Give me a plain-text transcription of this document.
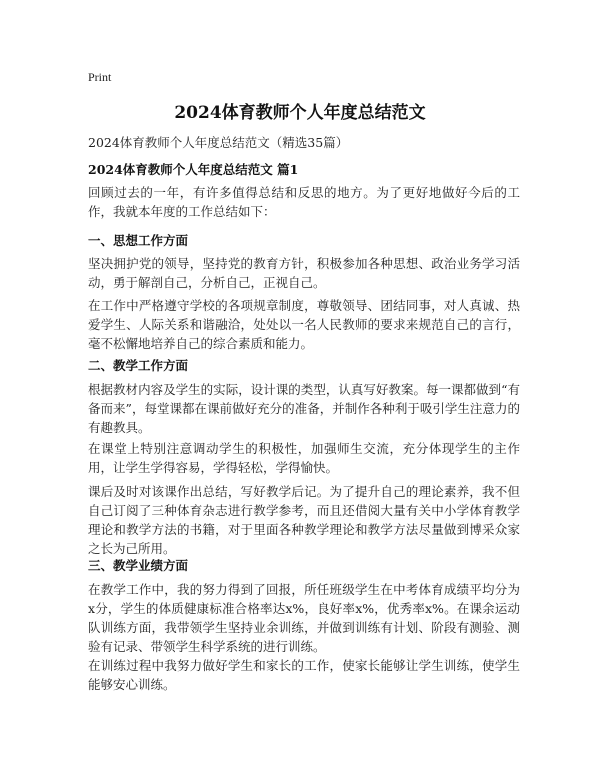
Print
2024体育教师个人年度总结范文
2024体育教师个人年度总结范文（精选35篇）
2024体育教师个人年度总结范文 篇1

回顾过去的一年，有许多值得总结和反思的地方。为了更好地做好今后的工作，我就本年度的工作总结如下：

一、思想工作方面

坚决拥护党的领导，坚持党的教育方针，积极参加各种思想、政治业务学习活动，勇于解剖自己，分析自己，正视自己。

在工作中严格遵守学校的各项规章制度，尊敬领导、团结同事，对人真诚、热爱学生、人际关系和谐融洽，处处以一名人民教师的要求来规范自己的言行，毫不松懈地培养自己的综合素质和能力。

二、教学工作方面

根据教材内容及学生的实际，设计课的类型，认真写好教案。每一课都做到“有备而来”，每堂课都在课前做好充分的准备，并制作各种利于吸引学生注意力的有趣教具。

在课堂上特别注意调动学生的积极性，加强师生交流，充分体现学生的主作用，让学生学得容易，学得轻松，学得愉快。

课后及时对该课作出总结，写好教学后记。为了提升自己的理论素养，我不但自己订阅了三种体育杂志进行教学参考，而且还借阅大量有关中小学体育教学理论和教学方法的书籍，对于里面各种教学理论和教学方法尽量做到博采众家之长为己所用。

三、教学业绩方面

在教学工作中，我的努力得到了回报，所任班级学生在中考体育成绩平均分为x分，学生的体质健康标准合格率达x%，良好率x%，优秀率x%。在课余运动队训练方面，我带领学生坚持业余训练，并做到训练有计划、阶段有测验、测验有记录、带领学生科学系统的进行训练。

在训练过程中我努力做好学生和家长的工作，使家长能够让学生训练，使学生能够安心训练。
